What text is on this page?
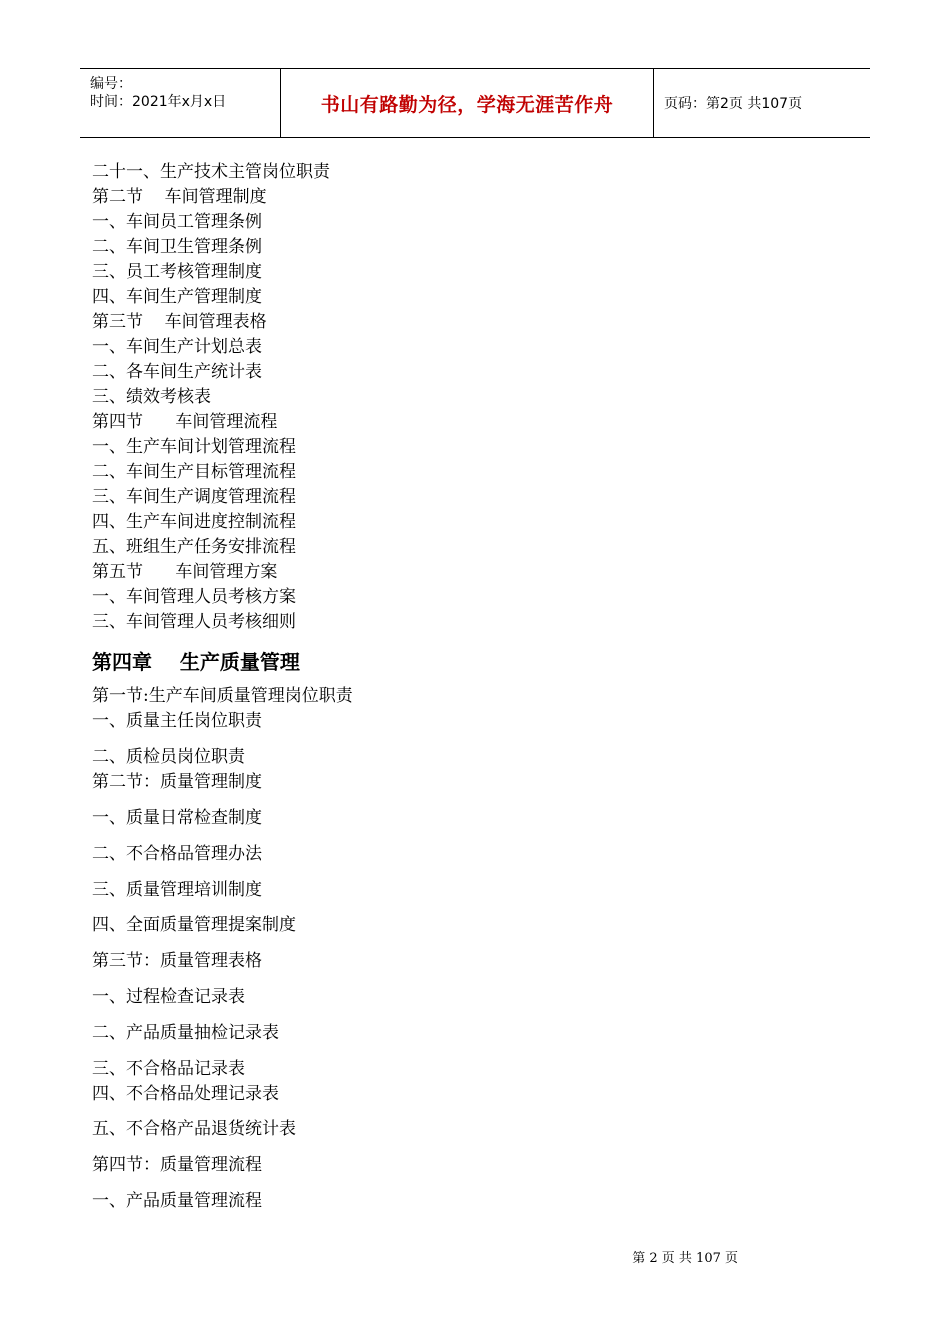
编号：
时间：2021年x月x日	书山有路勤为径，学海无涯苦作舟	页码：第2页 共107页
第四章    生产质量管理
二十一、生产技术主管岗位职责
第二节    车间管理制度
一、车间员工管理条例
二、车间卫生管理条例
三、员工考核管理制度
四、车间生产管理制度
第三节    车间管理表格
一、车间生产计划总表
二、各车间生产统计表
三、绩效考核表
第四节      车间管理流程
一、生产车间计划管理流程
二、车间生产目标管理流程
三、车间生产调度管理流程
四、生产车间进度控制流程
五、班组生产任务安排流程
第五节      车间管理方案
一、车间管理人员考核方案
三、车间管理人员考核细则
第一节:生产车间质量管理岗位职责
一、质量主任岗位职责
二、质检员岗位职责
第二节：质量管理制度
一、质量日常检查制度
二、不合格品管理办法
三、质量管理培训制度
四、全面质量管理提案制度
第三节：质量管理表格
一、过程检查记录表
二、产品质量抽检记录表
三、不合格品记录表
四、不合格品处理记录表
五、不合格产品退货统计表
第四节：质量管理流程
一、产品质量管理流程
第 2 页 共 107 页
